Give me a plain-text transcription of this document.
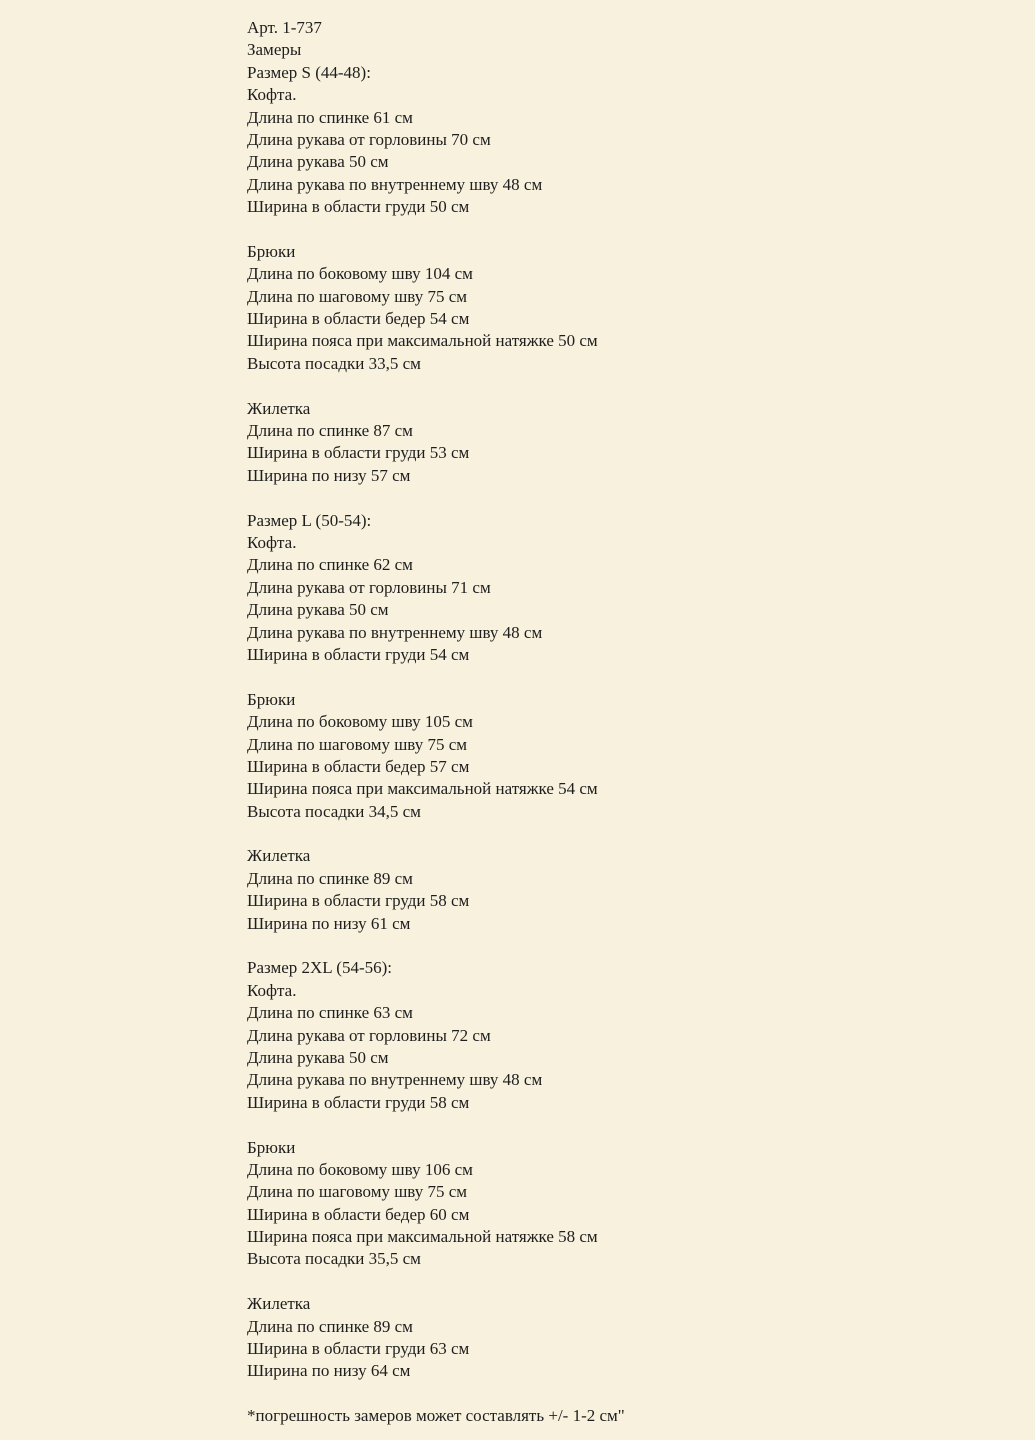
Арт. 1-737
Замеры
Размер S (44-48):
Кофта.
Длина по спинке 61 см
Длина рукава от горловины 70 см
Длина рукава 50 см
Длина рукава по внутреннему шву 48 см
Ширина в области груди 50 см
Брюки
Длина по боковому шву 104 см
Длина по шаговому шву 75 см
Ширина в области бедер 54 см
Ширина пояса при максимальной натяжке 50 см
Высота посадки 33,5 см
Жилетка
Длина по спинке 87 см
Ширина в области груди 53 см
Ширина по низу 57 см
Размер L (50-54):
Кофта.
Длина по спинке 62 см
Длина рукава от горловины 71 см
Длина рукава 50 см
Длина рукава по внутреннему шву 48 см
Ширина в области груди 54 см
Брюки
Длина по боковому шву 105 см
Длина по шаговому шву 75 см
Ширина в области бедер 57 см
Ширина пояса при максимальной натяжке 54 см
Высота посадки 34,5 см
Жилетка
Длина по спинке 89 см
Ширина в области груди 58 см
Ширина по низу 61 см
Размер 2XL (54-56):
Кофта.
Длина по спинке 63 см
Длина рукава от горловины 72 см
Длина рукава 50 см
Длина рукава по внутреннему шву 48 см
Ширина в области груди 58 см
Брюки
Длина по боковому шву 106 см
Длина по шаговому шву 75 см
Ширина в области бедер 60 см
Ширина пояса при максимальной натяжке 58 см
Высота посадки 35,5 см
Жилетка
Длина по спинке 89 см
Ширина в области груди 63 см
Ширина по низу 64 см
*погрешность замеров может составлять +/- 1-2 см"
